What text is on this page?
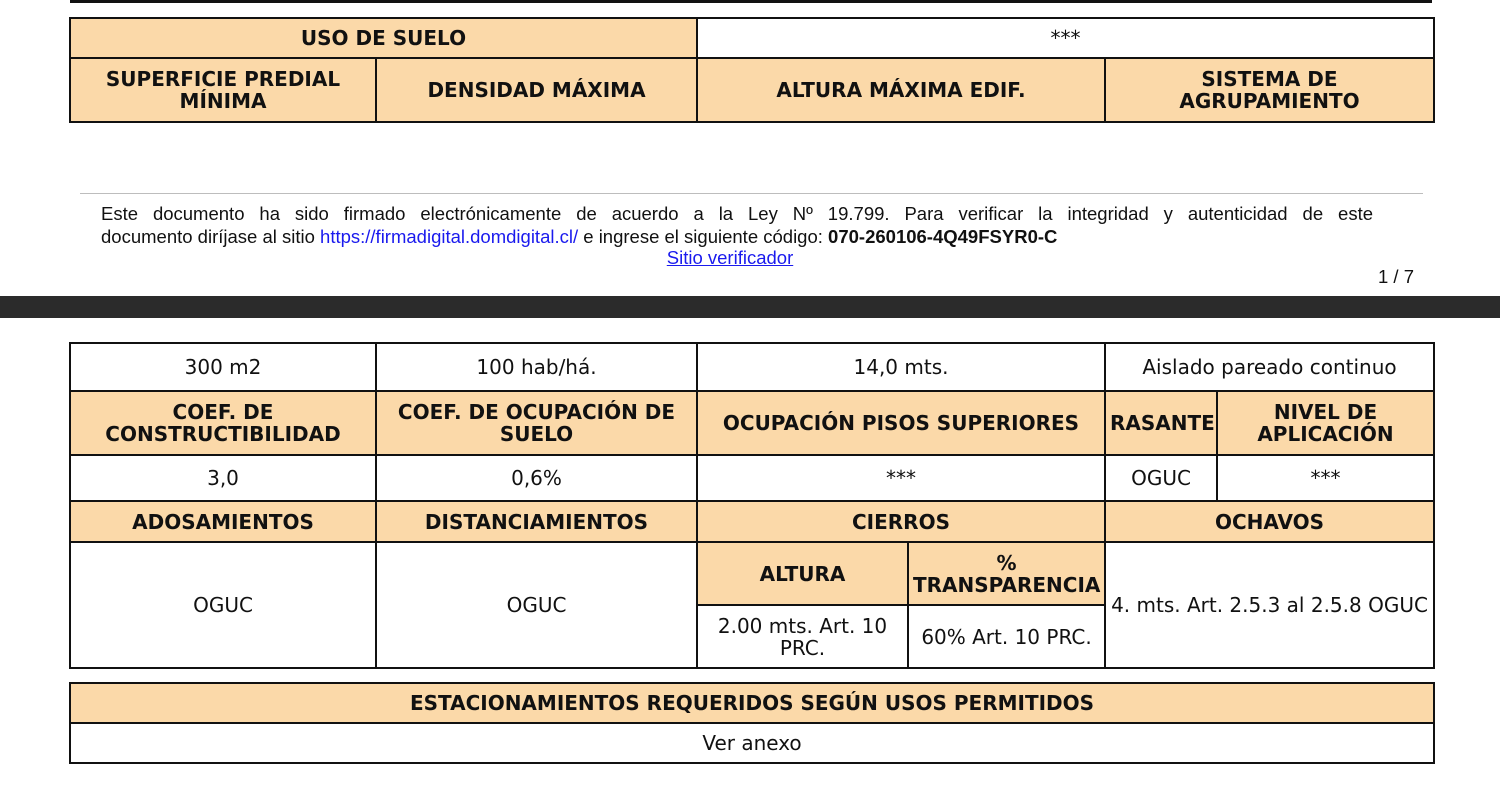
USO DE SUELO		***	
SUPERFICIE PREDIAL MÍNIMA	DENSIDAD MÁXIMA	ALTURA MÁXIMA EDIF.	SISTEMA DE AGRUPAMIENTO
Este documento ha sido firmado electrónicamente de acuerdo a la Ley Nº 19.799. Para verificar la integridad y autenticidad de este
documento diríjase al sitio https://firmadigital.domdigital.cl/ e ingrese el siguiente código: 070-260106-4Q49FSYR0-C
Sitio verificador
1 / 7
300 m2	100 hab/há.	14,0 mts.		Aislado pareado continuo	
COEF. DE CONSTRUCTIBILIDAD	COEF. DE OCUPACIÓN DE SUELO	OCUPACIÓN PISOS SUPERIORES		RASANTE	NIVEL DE APLICACIÓN
3,0	0,6%	***		OGUC	***
ADOSAMIENTOS	DISTANCIAMIENTOS	CIERROS		OCHAVOS	
OGUC	OGUC	ALTURA	% TRANSPARENCIA	4. mts. Art. 2.5.3 al 2.5.8 OGUC	
		2.00 mts. Art. 10 PRC.	60% Art. 10 PRC.		
ESTACIONAMIENTOS REQUERIDOS SEGÚN USOS PERMITIDOS
Ver anexo
